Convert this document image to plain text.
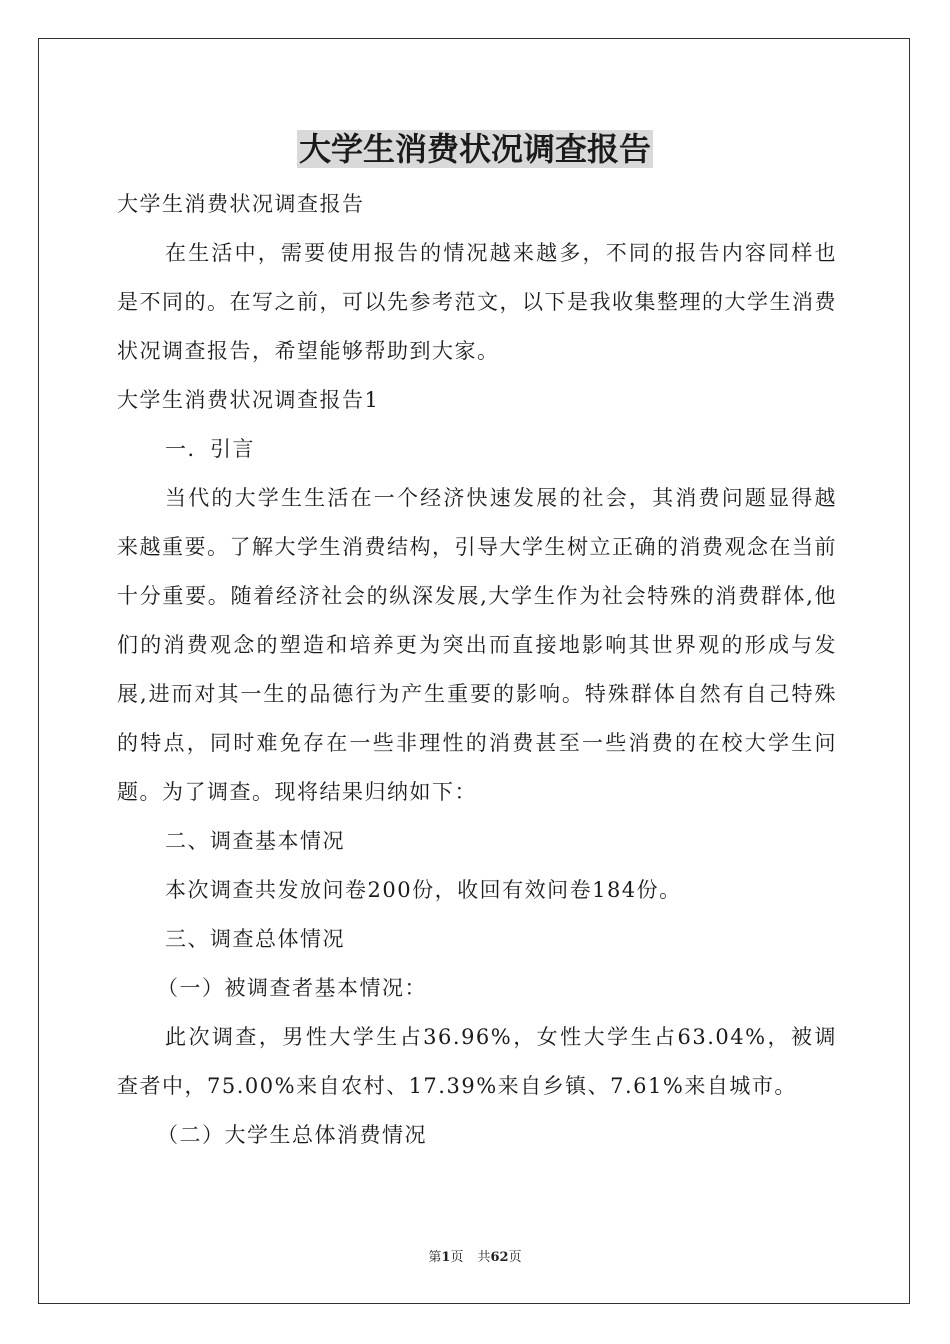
大学生消费状况调查报告

大学生消费状况调查报告

在生活中，需要使用报告的情况越来越多，不同的报告内容同样也是不同的。在写之前，可以先参考范文，以下是我收集整理的大学生消费状况调查报告，希望能够帮助到大家。

大学生消费状况调查报告1

一．引言

当代的大学生生活在一个经济快速发展的社会，其消费问题显得越来越重要。了解大学生消费结构，引导大学生树立正确的消费观念在当前十分重要。随着经济社会的纵深发展,大学生作为社会特殊的消费群体,他们的消费观念的塑造和培养更为突出而直接地影响其世界观的形成与发展,进而对其一生的品德行为产生重要的影响。特殊群体自然有自己特殊的特点，同时难免存在一些非理性的消费甚至一些消费的在校大学生问题。为了调查。现将结果归纳如下：

二、调查基本情况

本次调查共发放问卷200份，收回有效问卷184份。

三、调查总体情况

（一）被调查者基本情况：

此次调查，男性大学生占36.96%，女性大学生占63.04%，被调查者中，75.00%来自农村、17.39%来自乡镇、7.61%来自城市。

（二）大学生总体消费情况

第1页 共62页
